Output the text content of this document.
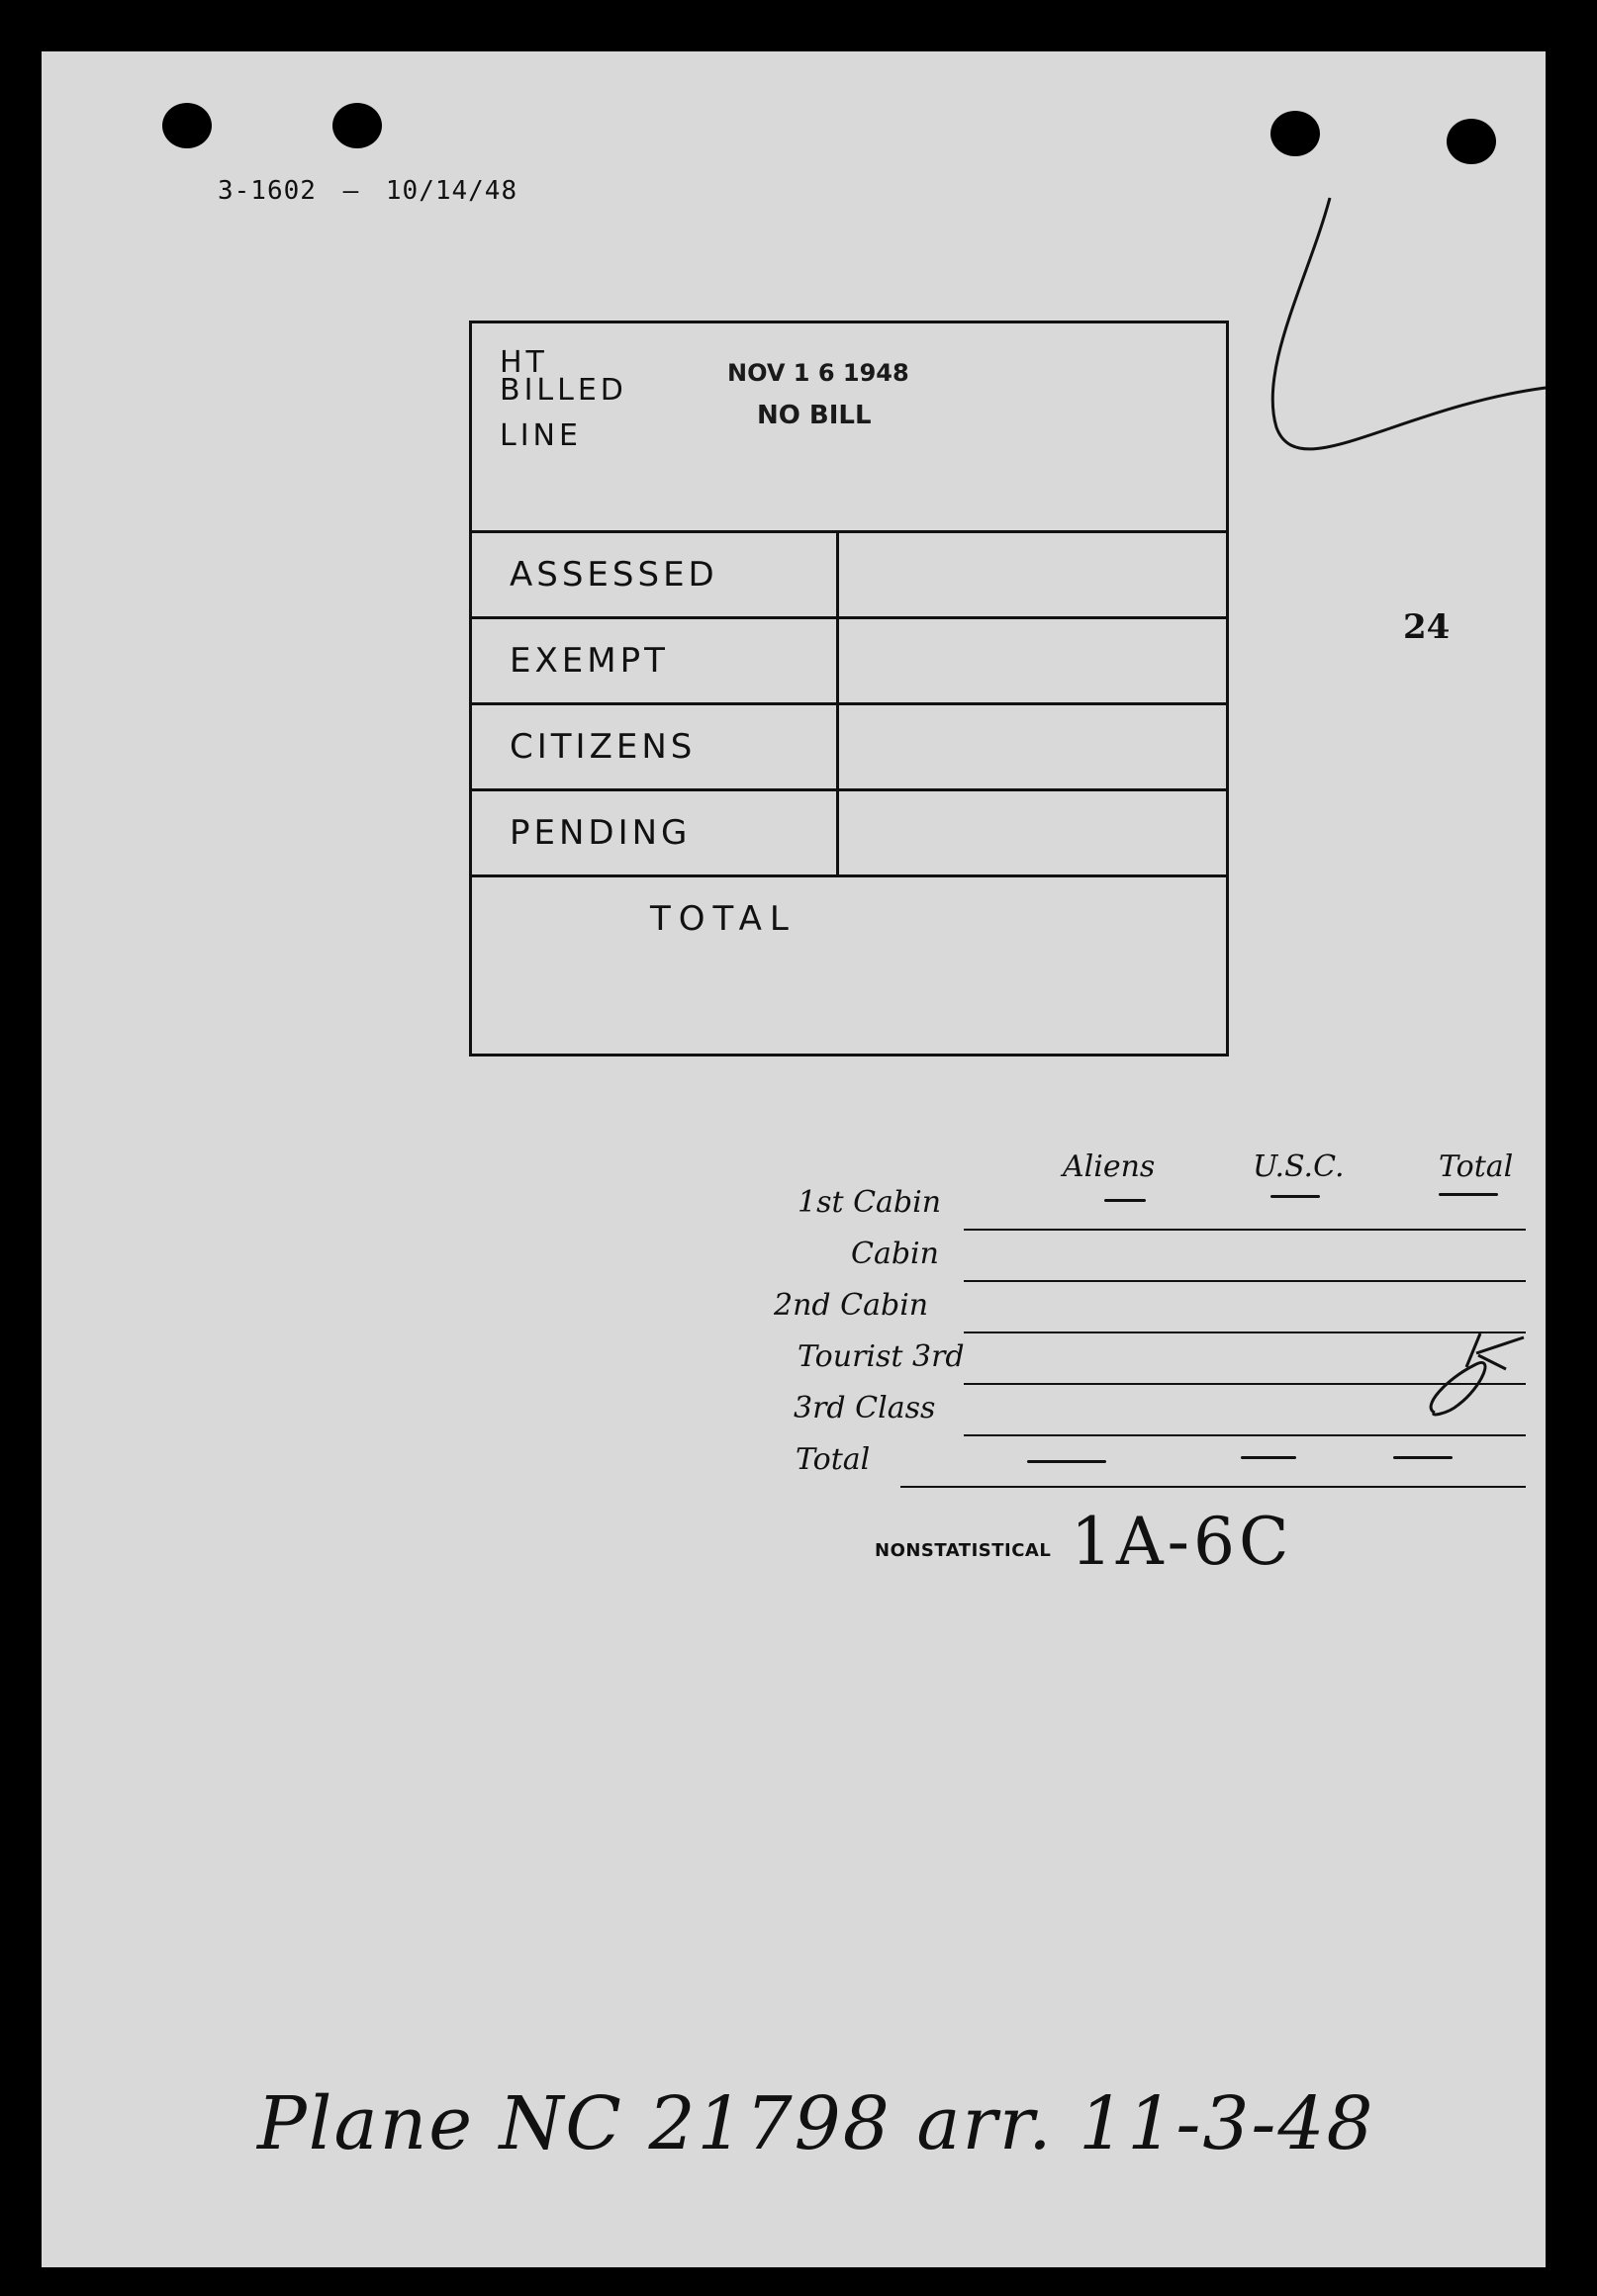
3-1602 — 10/14/48
HT
BILLED
LINE
NOV 1 6 1948
NO BILL
ASSESSED
EXEMPT
CITIZENS
PENDING
TOTAL
24
Aliens	U.S.C.	Total
1st Cabin
Cabin
2nd Cabin
Tourist 3rd
3rd Class
Total
NONSTATISTICAL 1A-6C
Plane NC 21798 arr. 11-3-48
